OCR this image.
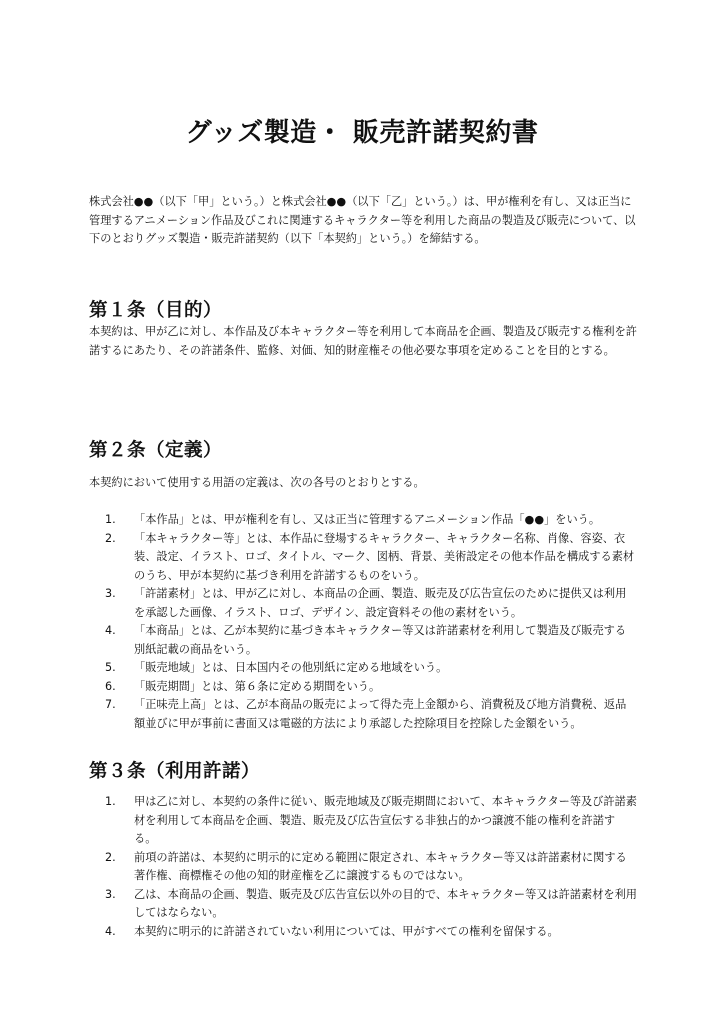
グッズ製造・ 販売許諾契約書

株式会社●●（以下「甲」という。）と株式会社●●（以下「乙」という。）は、甲が権利を有し、又は正当に管理するアニメーション作品及びこれに関連するキャラクター等を利用した商品の製造及び販売について、以下のとおりグッズ製造・販売許諾契約（以下「本契約」という。）を締結する。

第１条（目的）

本契約は、甲が乙に対し、本作品及び本キャラクター等を利用して本商品を企画、製造及び販売する権利を許諾するにあたり、その許諾条件、監修、対価、知的財産権その他必要な事項を定めることを目的とする。

第２条（定義）

本契約において使用する用語の定義は、次の各号のとおりとする。

1.	「本作品」とは、甲が権利を有し、又は正当に管理するアニメーション作品「●●」をいう。
2.	「本キャラクター等」とは、本作品に登場するキャラクター、キャラクター名称、肖像、容姿、衣装、設定、イラスト、ロゴ、タイトル、マーク、図柄、背景、美術設定その他本作品を構成する素材のうち、甲が本契約に基づき利用を許諾するものをいう。
3.	「許諾素材」とは、甲が乙に対し、本商品の企画、製造、販売及び広告宣伝のために提供又は利用を承認した画像、イラスト、ロゴ、デザイン、設定資料その他の素材をいう。
4.	「本商品」とは、乙が本契約に基づき本キャラクター等又は許諾素材を利用して製造及び販売する別紙記載の商品をいう。
5.	「販売地域」とは、日本国内その他別紙に定める地域をいう。
6.	「販売期間」とは、第６条に定める期間をいう。
7.	「正味売上高」とは、乙が本商品の販売によって得た売上金額から、消費税及び地方消費税、返品額並びに甲が事前に書面又は電磁的方法により承認した控除項目を控除した金額をいう。
第３条（利用許諾）
1.	甲は乙に対し、本契約の条件に従い、販売地域及び販売期間において、本キャラクター等及び許諾素材を利用して本商品を企画、製造、販売及び広告宣伝する非独占的かつ譲渡不能の権利を許諾する。
2.	前項の許諾は、本契約に明示的に定める範囲に限定され、本キャラクター等又は許諾素材に関する著作権、商標権その他の知的財産権を乙に譲渡するものではない。
3.	乙は、本商品の企画、製造、販売及び広告宣伝以外の目的で、本キャラクター等又は許諾素材を利用してはならない。
4.	本契約に明示的に許諾されていない利用については、甲がすべての権利を留保する。
